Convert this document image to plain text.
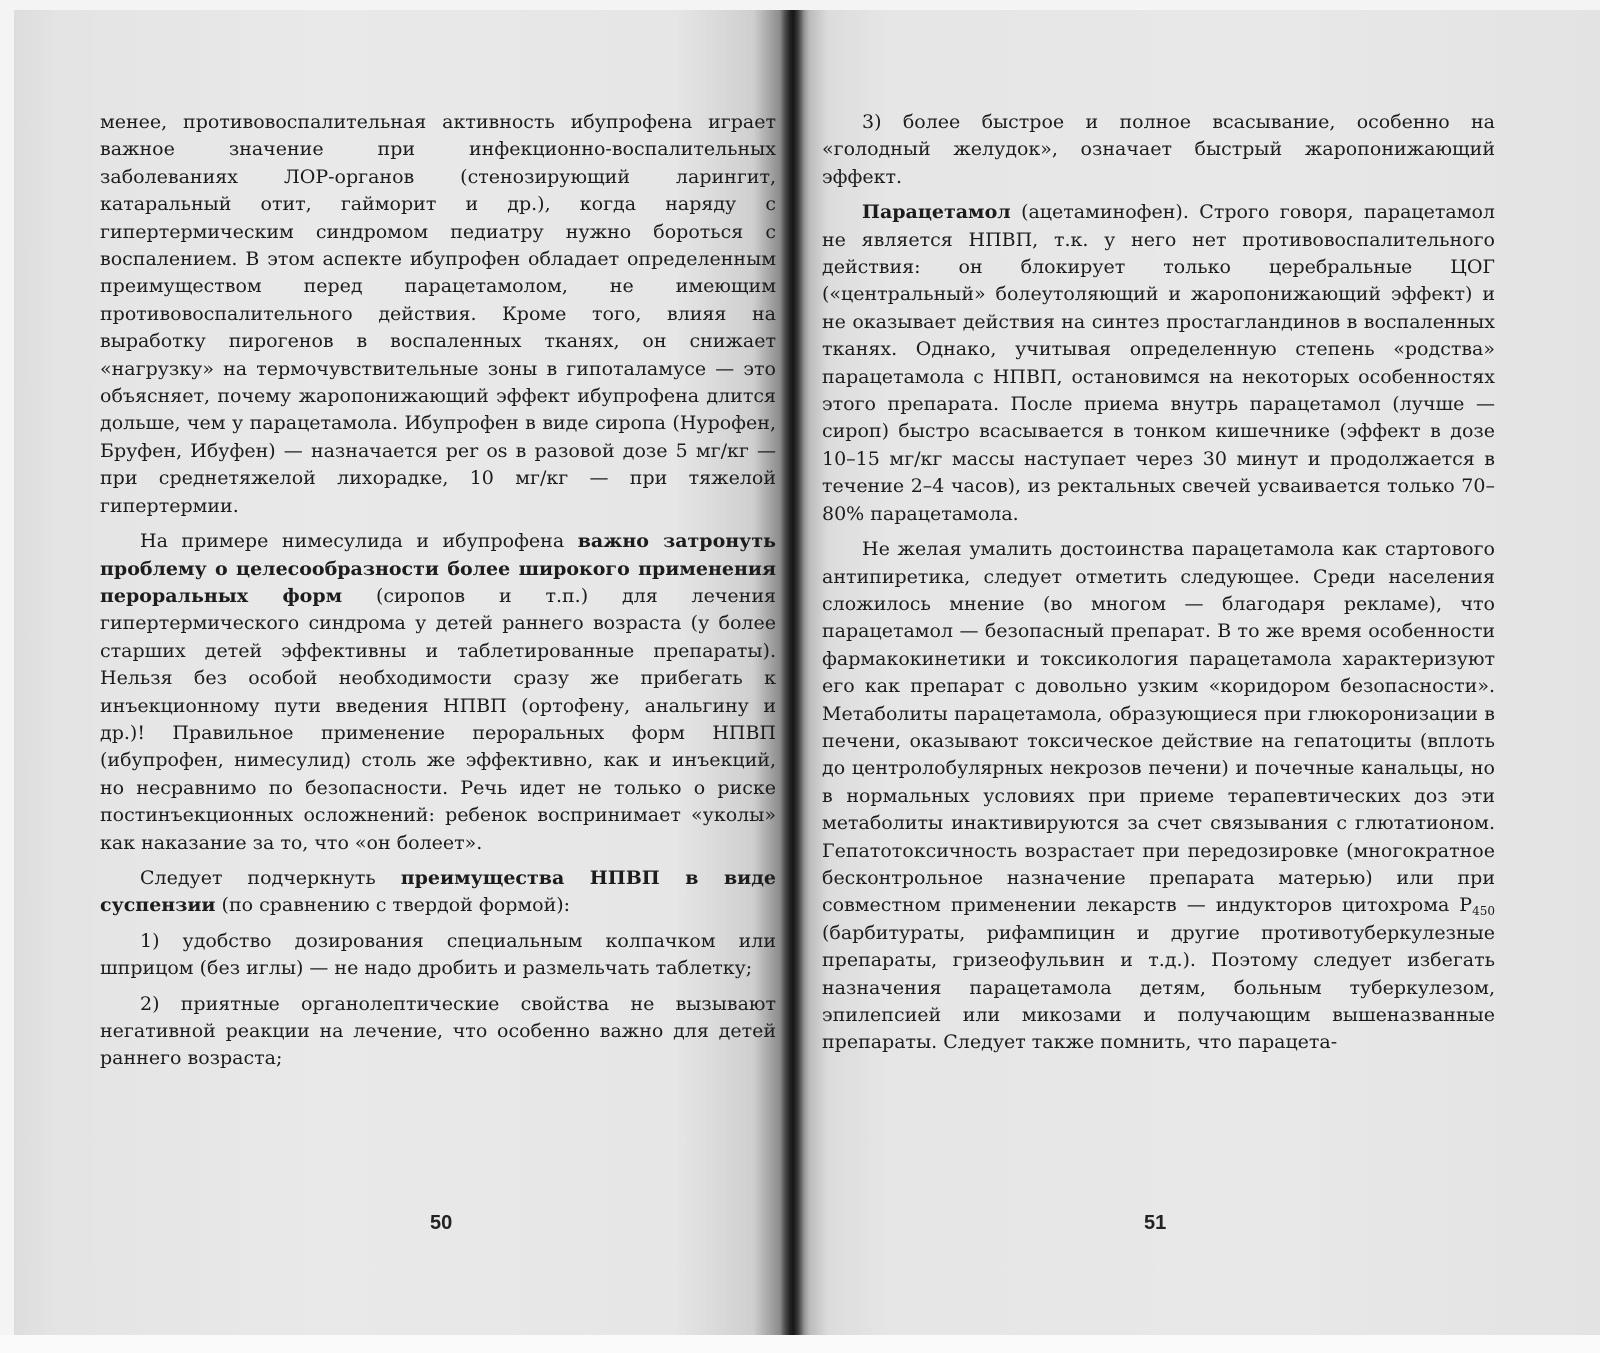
менее, противовоспалительная активность ибупрофена играет важное значение при инфекционно-воспалительных заболеваниях ЛОР-органов (стенозирующий ларингит, катаральный отит, гайморит и др.), когда наряду с гипертермическим синдромом педиатру нужно бороться с воспалением. В этом аспекте ибупрофен обладает определенным преимуществом перед парацетамолом, не имеющим противовоспалительного действия. Кроме того, влияя на выработку пирогенов в воспаленных тканях, он снижает «нагрузку» на термочувствительные зоны в гипоталамусе — это объясняет, почему жаропонижающий эффект ибупрофена длится дольше, чем у парацетамола. Ибупрофен в виде сиропа (Нурофен, Бруфен, Ибуфен) — назначается per os в разовой дозе 5 мг/кг — при среднетяжелой лихорадке, 10 мг/кг — при тяжелой гипертермии.

На примере нимесулида и ибупрофена важно затронуть проблему о целесообразности более широкого применения пероральных форм (сиропов и т.п.) для лечения гипертермического синдрома у детей раннего возраста (у более старших детей эффективны и таблетированные препараты). Нельзя без особой необходимости сразу же прибегать к инъекционному пути введения НПВП (ортофену, анальгину и др.)! Правильное применение пероральных форм НПВП (ибупрофен, нимесулид) столь же эффективно, как и инъекций, но несравнимо по безопасности. Речь идет не только о риске постинъекционных осложнений: ребенок воспринимает «уколы» как наказание за то, что «он болеет».

Следует подчеркнуть преимущества НПВП в виде суспензии (по сравнению с твердой формой):

1) удобство дозирования специальным колпачком или шприцом (без иглы) — не надо дробить и размельчать таблетку;

2) приятные органолептические свойства не вызывают негативной реакции на лечение, что особенно важно для детей раннего возраста;

50

3) более быстрое и полное всасывание, особенно на «голодный желудок», означает быстрый жаропонижающий эффект.

Парацетамол (ацетаминофен). Строго говоря, парацетамол не является НПВП, т.к. у него нет противовоспалительного действия: он блокирует только церебральные ЦОГ («центральный» болеутоляющий и жаропонижающий эффект) и не оказывает действия на синтез простагландинов в воспаленных тканях. Однако, учитывая определенную степень «родства» парацетамола с НПВП, остановимся на некоторых особенностях этого препарата. После приема внутрь парацетамол (лучше — сироп) быстро всасывается в тонком кишечнике (эффект в дозе 10–15 мг/кг массы наступает через 30 минут и продолжается в течение 2–4 часов), из ректальных свечей усваивается только 70–80% парацетамола.

Не желая умалить достоинства парацетамола как стартового антипиретика, следует отметить следующее. Среди населения сложилось мнение (во многом — благодаря рекламе), что парацетамол — безопасный препарат. В то же время особенности фармакокинетики и токсикология парацетамола характеризуют его как препарат с довольно узким «коридором безопасности». Метаболиты парацетамола, образующиеся при глюкоронизации в печени, оказывают токсическое действие на гепатоциты (вплоть до центролобулярных некрозов печени) и почечные канальцы, но в нормальных условиях при приеме терапевтических доз эти метаболиты инактивируются за счет связывания с глютатионом. Гепатотоксичность возрастает при передозировке (многократное бесконтрольное назначение препарата матерью) или при совместном применении лекарств — индукторов цитохрома $P_{450}$ (барбитураты, рифампицин и другие противотуберкулезные препараты, гризеофульвин и т.д.). Поэтому следует избегать назначения парацетамола детям, больным туберкулезом, эпилепсией или микозами и получающим вышеназванные препараты. Следует также помнить, что парацета-

51
